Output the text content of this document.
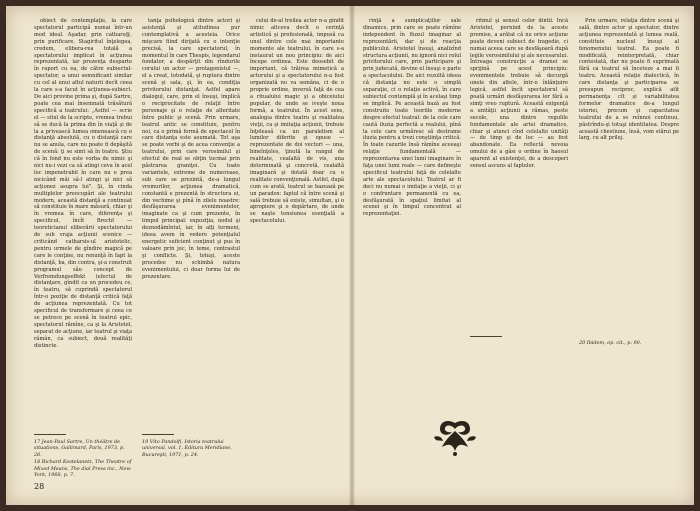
obiect de contemplaţie, la care spectatorul participă numai într-un mod ideal. Aşadar, prin cathars@, prin purificare, Stagiritul înţelegea, credem, elibera-rea totală a spectatorului implicat în acţiunea reprezentată, iar prezenţa desparte în raport cu ea, de către subiectul-spectator, a unui semnificant similar cu cel al unui altul naturii decît ceea la care s-a facut în acţiunea-subiect. De aici provine prima şi, după Sartre, poate cea mai însemnată trăsătură specifică a teatrului: „Astfel — scrie el — situl de la scripte, vremea trebui să se ducă la prima din în viaţă şi de la a privească lumea omenească cu o distanţă absolută, cu o distanţă care nu se anula, care nu poate fi depăşită de scenă: ţi se simt să în teatru. Ştiu că în fond nu este vorba de nimic şi nici nu-i vezi ca să atingi ceva în acel loc impenetrabil în care nu e prea nicicând măi să-l atingi şi nici să acţionez asupra lui". Şi, în cinda multiplelor preocupări ale teatrului modern, această distanţă a continuat să constituie în mare măsură, chiar şi în vremea în care, diferenţa şi specificul, încît Brecht — teoreticianul eliberării spectatorului de sub vraja acţiunii scenice — criticând catharsis-ul aristotelic, pentru urmele de gîndire magică pe care le conţine, nu renunţă în fapt la distanţă, ba, din contra, şi-a construit programul său concept de Verfremdungseffekt (efectul de distanţare, gîndit ca un procedeu ce, în teatru, să cuprindă spectatorul într-o poziţie de distanţă critică faţă de acţiunea reprezentată. Cu tot specificul de transformare şi ceea ce se petrece pe scenă în teatrul epic, spectatorul rămîne, ca şi la Aristotel, separat de acţiune, iar teatrul şi viaţa rămân, ca subiect, două realităţi distincte.

tanţa psihologică dintre actori şi asistenţă şi atitudinea pur contemplativă a acesteia. Orice mişcare fiind dirijată cu o intenţie precisă, la care spectatorul, în momentul în care Thespis, legendarul fondator, a despărţit din rîndurile corului un actor — protagonistul —, el a creat, totodată, şi ruptura dintre scenă şi sala, şi, în ea, condiţia privitorului distanţat. Astfel apare dialogul, care, prin el însuşi, implică o reciprocitate de relaţii între personaje şi o relaţie de alteritate între public şi scenă. Prin urmare, teatrul antic se constituie, pentru noi, ca o primă formă de spectacol în care distanţa este asumată. Tot aşa se poate vorbi şi de acea convenţie a teatrului, prin care verosimilul şi efectul de real se obţin tocmai prin păstrarea graniţei. Cu toate variantele, extreme de numeroase, sub care se prezintă, de-a lungul vremurilor, acţiunea dramatică, constantă e prezentă în structura ei, din vechime şi pînă în zilele noastre: desfăşurarea evenimentelor, imaginate ca şi cum prezente, în timpul principal: expoziţia, nodul şi deznodămîntul, iar, în alţi termeni, ideea avem în vedere potenţialul energetic suficient conţinut şi pus în valoare prin joc, în teme, contrastul şi conflicte. Şi, totuşi, aceste procedee nu schimbă natura evenimentului, ci doar forma lui de prezentare.

celui de-al treilea actor n-a gîndit nimic altceva decît o cerinţă artistică şi profesională, impusă ca unul dintre cele mai importante momente ale teatrului, în care s-a instaurat un nou principiu: de aici începe ordinea. Este deosebit de important, că trăirea mimetică a actorului şi a spectatorului n-a fost organizată nu va semăna, ci de o proprie ordine, inversă faţă de cea a ritualului magic şi a obiceiului popular, de unde se iveşte noua formă, a teatrului. În acest sens, analogia dintre teatru şi realitatea vieţii, ca şi imitaţia acţiunii, trebuie înţeleasă ca un paralelism al lumilor diferite şi opuse — reprezentate de doi vectori — una, bineînţeles, ţinută la rangul de realitate, cealaltă de vis, una determinată şi concretă, cealaltă imaginară şi dotată doar cu o realitate convenţională. Astfel, după cum se arată, teatrul se bazează pe un paradox: faptul că între scenă şi sală trebuie să existe, simultan, şi o apropiere şi o depărtare, de unde se naşte tensiunea esenţială a spectacolului.

rinţă a sumplicaţiilor sale dinamice, prin care se poate rămîne independent în fluxul imaginar al reprezentării, dar şi de reacţia publicului. Aristotel însuşi, analizînd structura acţiunii, nu ignoră nici rolul privitorului care, prin participare şi prin judecată, devine el însuşi o parte a spectacolului. De aici rezultă ideea că distanţa nu este o simplă separaţie, ci o relaţie activă, în care subiectul contemplă şi în acelaşi timp se implică. Pe această bază au fost construite toate teoriile moderne despre efectul teatral: de la cele care caută iluzia perfectă a realului, pînă la cele care urmăresc să destrame iluzia pentru a trezi conştiinţa critică. În toate cazurile însă rămîne aceeaşi relaţie fundamentală — reprezentarea unei lumi imaginare în faţa unei lumi reale — care defineşte specificul teatrului faţă de celelalte arte ale spectacolului. Teatrul ar fi deci nu numai o imitaţie a vieţii, ci şi o confruntare permanentă cu ea, desfăşurată în spaţiul limitat al scenei şi în timpul concentrat al reprezentaţiei.

ritmul şi sensul celor dintîi. Încă Aristotel, pornind de la aceste premise, a arătat că nu orice acţiune poate deveni subiect de tragedie, ci numai aceea care se desfăşoară după legile verosimilului şi ale necesarului. Întreaga construcţie a dramei se sprijină pe acest principiu: evenimentele trebuie să decurgă unele din altele, într-o înlănţuire logică, astfel încît spectatorul să poată urmări desfăşurarea lor fără a simţi vreo ruptură. Această exigenţă a unităţii acţiunii a rămas, peste secole, una dintre regulile fundamentale ale artei dramatice, chiar şi atunci cînd celelalte unităţi — de timp şi de loc — au fost abandonate. Ea reflectă nevoia omului de a găsi o ordine în haosul aparent al existenţei, de a descoperi sensul ascuns al faptelor.

Prin urmare, relaţia dintre scenă şi sală, dintre actor şi spectator, dintre acţiunea reprezentată şi lumea reală, constituie nucleul însuşi al fenomenului teatral. Ea poate fi modificată, reinterpretată, chiar contestată, dar nu poate fi suprimată fără ca teatrul să înceteze a mai fi teatru. Această relaţie dialectică, în care distanţa şi participarea se presupun reciproc, explică atît permanenţa cît şi variabilitatea formelor dramatice de-a lungul istoriei, precum şi capacitatea teatrului de a se reînnoi continuu, păstrîndu-şi totuşi identitatea. Despre această chestiune, însă, vom stărui pe larg, cu alt prilej.

17 Jean-Paul Sartre, Un théâtre de situations, Gallimard, Paris, 1973, p. 26.

18 Richard Kostelanetz, The Theatre of Mixed Means, The dial Press inc., New York, 1968, p. 7.

19 Vito Pandolfi, Istoria teatrului universal, vol. 1, Editura Meridiane, Bucureşti, 1971, p. 24.

20 Ibidem, op. cit., p. 90.

28
